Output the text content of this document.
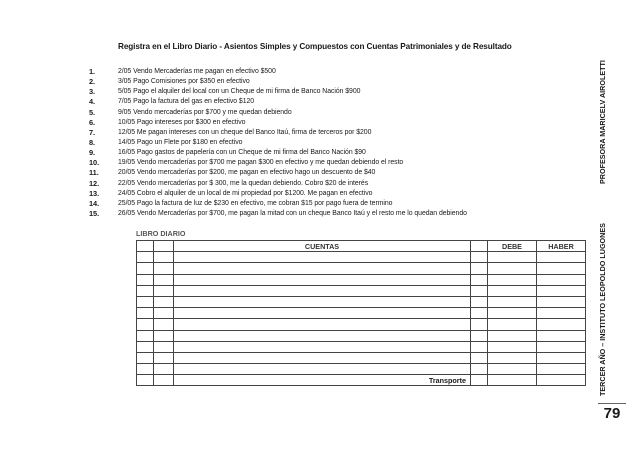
Registra en el Libro Diario - Asientos Simples y Compuestos con Cuentas Patrimoniales y de Resultado
1.	2/05 Vendo Mercaderías me pagan en efectivo $500
2.	3/05 Pago Comisiones por $350 en efectivo
3.	5/05 Pago el alquiler del local con un Cheque de mi firma de Banco Nación $900
4.	7/05 Pago la factura del gas en efectivo $120
5.	9/05 Vendo mercaderías por $700 y me quedan debiendo
6.	10/05 Pago intereses por $300 en efectivo
7.	12/05 Me pagan intereses con un cheque del Banco Itaú, firma de terceros por $200
8.	14/05 Pago un Flete por $180 en efectivo
9.	16/05 Pago gastos de papelería con un Cheque de mi firma del Banco Nación $90
10.	19/05 Vendo mercaderías por $700 me pagan $300 en efectivo y me quedan debiendo el resto
11.	20/05 Vendo mercaderías por $200, me pagan en efectivo hago un descuento de $40
12.	22/05 Vendo mercaderías por $ 300, me la quedan debiendo. Cobro $20 de interés
13.	24/05 Cobro el alquiler de un local de mi propiedad por $1200. Me pagan en efectivo
14.	25/05 Pago la factura de luz de $230 en efectivo, me cobran $15 por pago fuera de termino
15.	26/05 Vendo Mercaderías por $700, me pagan la mitad con un cheque Banco Itaú y el resto me lo quedan debiendo
LIBRO DIARIO
		CUENTAS		DEBE	HABER

		Transporte			
PROFESORA MARICELV AIROLETTI
TERCER AÑO – INSTITUTO LEOPOLDO LUGONES
79
